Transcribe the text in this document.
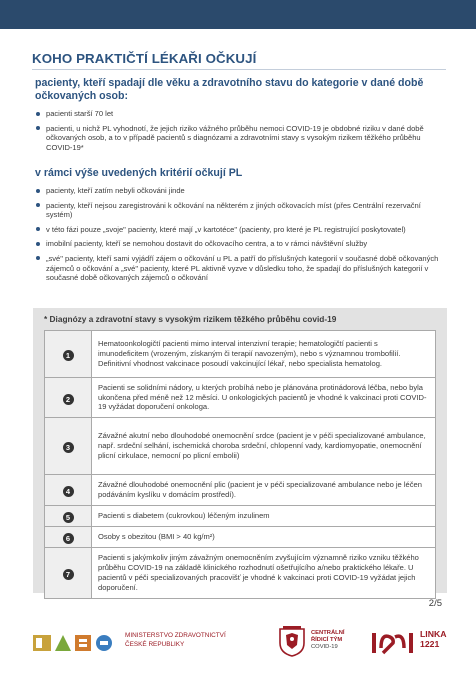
KOHO PRAKTIČTÍ LÉKAŘI OČKUJÍ

pacienty, kteří spadají dle věku a zdravotního stavu do kategorie v dané době očkovaných osob:

pacienti starší 70 let
pacienti, u nichž PL vyhodnotí, že jejich riziko vážného průběhu nemoci COVID-19 je obdobné riziku v dané době očkovaných osob, a to v případě pacientů s diagnózami a zdravotními stavy s vysokým rizikem těžkého průběhu COVID-19*

v rámci výše uvedených kritérií očkují PL

pacienty, kteří zatím nebyli očkováni jinde
pacienty, kteří nejsou zaregistrováni k očkování na některém z jiných očkovacích míst (přes Centrální rezervační systém)
v této fázi pouze „svoje" pacienty, které mají „v kartotéce" (pacienty, pro které je PL registrující poskytovatel)
imobilní pacienty, kteří se nemohou dostavit do očkovacího centra, a to v rámci návštěvní služby
„své" pacienty, kteří sami vyjádří zájem o očkování u PL a patří do příslušných kategorií v současné době očkovaných zájemců o očkování a „své" pacienty, které PL aktivně vyzve v důsledku toho, že spadají do příslušných kategorií v současné době očkovaných zájemců o očkování
* Diagnózy a zdravotní stavy s vysokým rizikem těžkého průběhu covid-19
1	Hematoonkologičtí pacienti mimo interval intenzivní terapie; hematologičtí pacienti s imunodeficitem (vrozeným, získaným či terapií navozeným), nebo s významnou trombofilií. Definitivní vhodnost vakcinace posoudí vakcinující lékař, nebo specialista hematolog.
2	Pacienti se solidními nádory, u kterých probíhá nebo je plánována protinádorová léčba, nebo byla ukončena před méně než 12 měsíci. U onkologických pacientů je vhodné k vakcinaci proti COVID-19 vyžádat doporučení onkologa.
3	Závažné akutní nebo dlouhodobé onemocnění srdce (pacient je v péči specializované ambulance, např. srdeční selhání, ischemická choroba srdeční, chlopenní vady, kardiomyopatie, onemocnění plicní cirkulace, nemocní po plicní embolii)
4	Závažné dlouhodobé onemocnění plic (pacient je v péči specializované ambulance nebo je léčen podáváním kyslíku v domácím prostředí).
5	Pacienti s diabetem (cukrovkou) léčeným inzulinem
6	Osoby s obezitou (BMI > 40 kg/m²)
7	Pacienti s jakýmkoliv jiným závažným onemocněním zvyšujícím významně riziko vzniku těžkého průběhu COVID-19 na základě klinického rozhodnutí ošetřujícího a/nebo praktického lékaře. U pacientů v péči specializovaných pracovišť je vhodné k vakcinaci proti COVID-19 vyžádat jejich doporučení.
2/5
MINISTERSTVO ZDRAVOTNICTVÍ
ČESKÉ REPUBLIKY
CENTRÁLNÍ
ŘÍDICÍ TÝM
COVID-19
LINKA
1221
